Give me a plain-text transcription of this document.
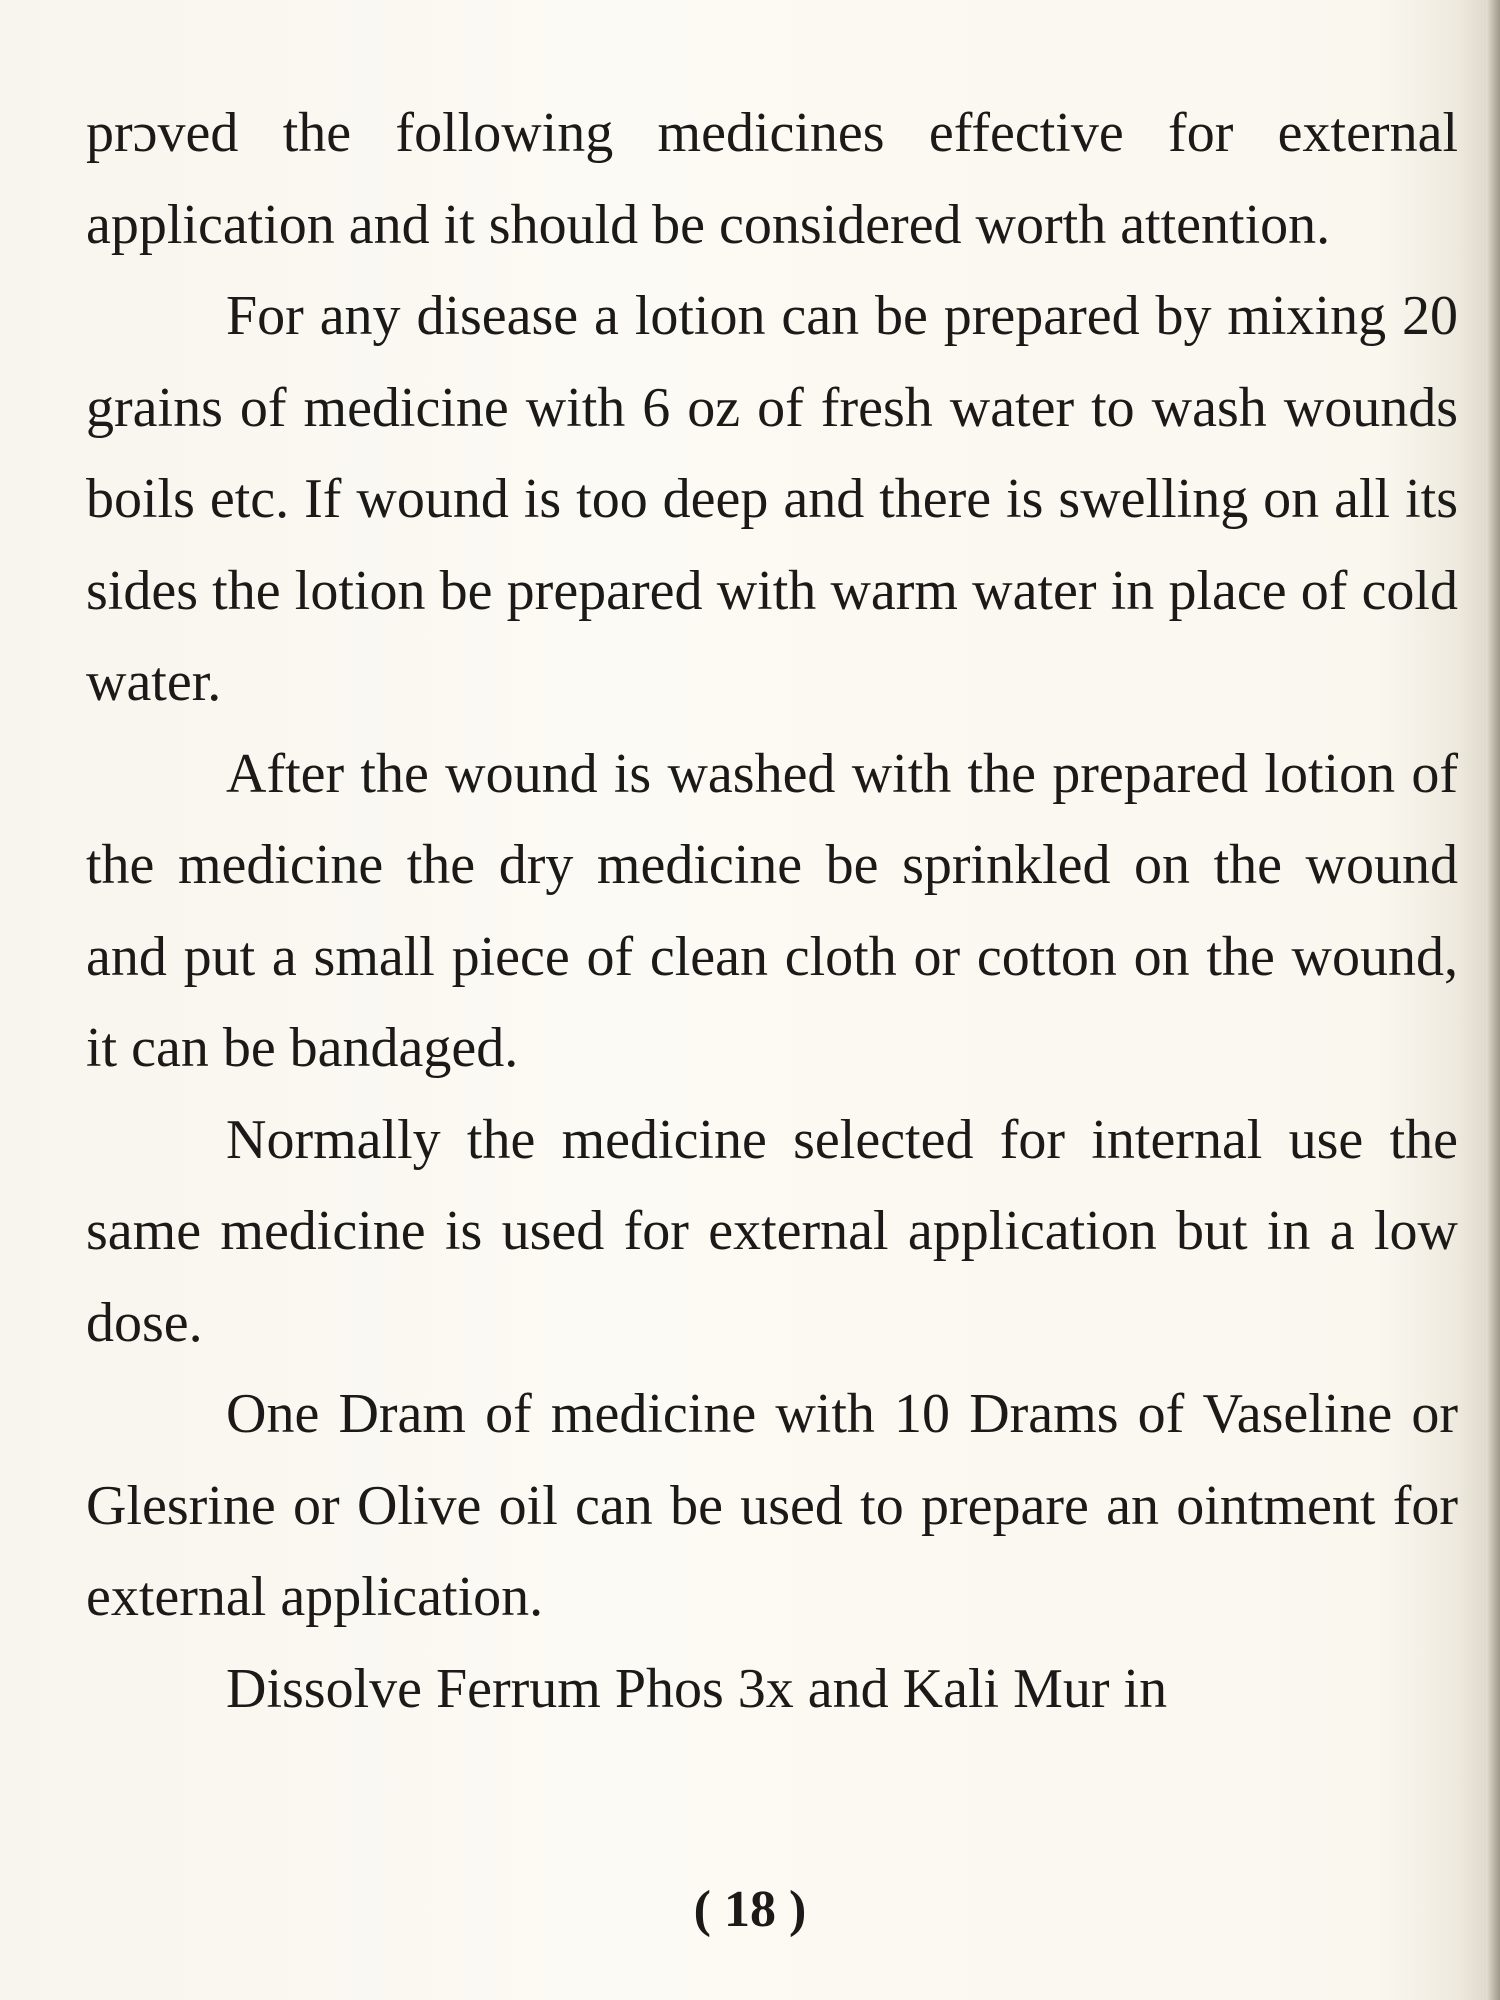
prɔved the following medicines effective for external application and it should be considered worth attention.

For any disease a lotion can be prepared by mixing 20 grains of medicine with 6 oz of fresh water to wash wounds boils etc. If wound is too deep and there is swelling on all its sides the lotion be prepared with warm water in place of cold water.

After the wound is washed with the prepared lotion of the medicine the dry medicine be sprinkled on the wound and put a small piece of clean cloth or cotton on the wound, it can be bandaged.

Normally the medicine selected for internal use the same medicine is used for external application but in a low dose.

One Dram of medicine with 10 Drams of Vaseline or Glesrine or Olive oil can be used to prepare an ointment for external application.

Dissolve Ferrum Phos 3x and Kali Mur in

( 18 )
